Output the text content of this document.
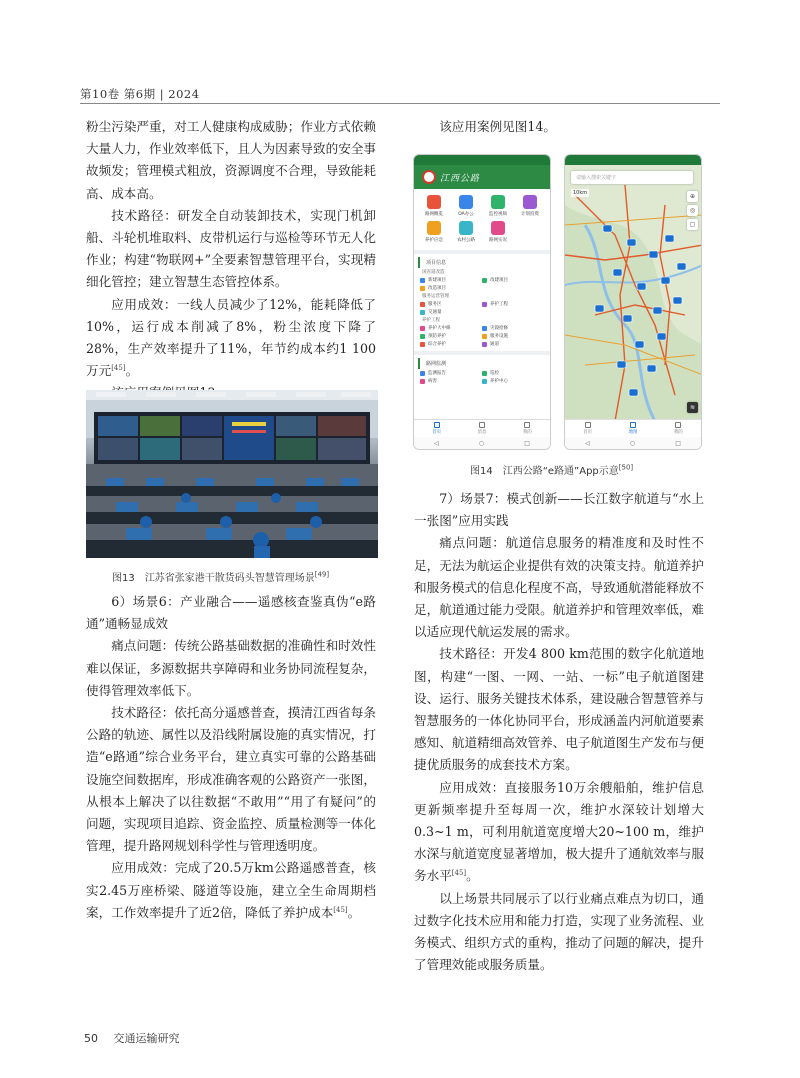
第10卷 第6期 | 2024

粉尘污染严重，对工人健康构成威胁；作业方式依赖大量人力，作业效率低下，且人为因素导致的安全事故频发；管理模式粗放，资源调度不合理，导致能耗高、成本高。

技术路径：研发全自动装卸技术，实现门机卸船、斗轮机堆取料、皮带机运行与巡检等环节无人化作业；构建“物联网+”全要素智慧管理平台，实现精细化管控；建立智慧生态管控体系。

应用成效：一线人员减少了12%，能耗降低了10%，运行成本削减了8%，粉尘浓度下降了28%，生产效率提升了11%，年节约成本约1 100万元[45]。

图13　江苏省张家港干散货码头智慧管理场景[49]

6）场景6：产业融合——遥感核查鉴真伪“e路通”通畅显成效

痛点问题：传统公路基础数据的准确性和时效性难以保证，多源数据共享障碍和业务协同流程复杂，使得管理效率低下。

技术路径：依托高分遥感普查，摸清江西省每条公路的轨迹、属性以及沿线附属设施的真实情况，打造“e路通”综合业务平台，建立真实可靠的公路基础设施空间数据库，形成准确客观的公路资产一张图，从根本上解决了以往数据“不敢用”“用了有疑问”的问题，实现项目追踪、资金监控、质量检测等一体化管理，提升路网规划科学性与管理透明度。

应用成效：完成了20.5万km公路遥感普查，核实2.45万座桥梁、隧道等设施，建立全生命周期档案，工作效率提升了近2倍，降低了养护成本[45]。

该应用案例见图14。

江西公路
路网概览	OA办公	监控视频	计划投资
养护应急	农村公路	路网实况
项目信息
国省道改造
新建项目	改建项目
改造项目
服务运营管理
服务区	养护工程
交通量
养护工程
养护大中修	灾毁抢修
预防养护	服务设施
综合养护	通道
路网监测
监测报告	巡检
病害	养护中心
首页	消息	我的
◁	○	□
请输入搜索关键字
10km	⊕
◎
▢
≋
首页	地图	我的
◁	○	□
图14　江西公路“e路通”App示意[50]

7）场景7：模式创新——长江数字航道与“水上一张图”应用实践

痛点问题：航道信息服务的精准度和及时性不足，无法为航运企业提供有效的决策支持。航道养护和服务模式的信息化程度不高，导致通航潜能释放不足，航道通过能力受限。航道养护和管理效率低，难以适应现代航运发展的需求。

技术路径：开发4 800 km范围的数字化航道地图，构建“一图、一网、一站、一标”电子航道图建设、运行、服务关键技术体系，建设融合智慧管养与智慧服务的一体化协同平台，形成涵盖内河航道要素感知、航道精细高效管养、电子航道图生产发布与便捷优质服务的成套技术方案。

应用成效：直接服务10万余艘船舶，维护信息更新频率提升至每周一次，维护水深较计划增大0.3~1 m，可利用航道宽度增大20~100 m，维护水深与航道宽度显著增加，极大提升了通航效率与服务水平[45]。

以上场景共同展示了以行业痛点难点为切口，通过数字化技术应用和能力打造，实现了业务流程、业务模式、组织方式的重构，推动了问题的解决，提升了管理效能或服务质量。

50 交通运输研究
